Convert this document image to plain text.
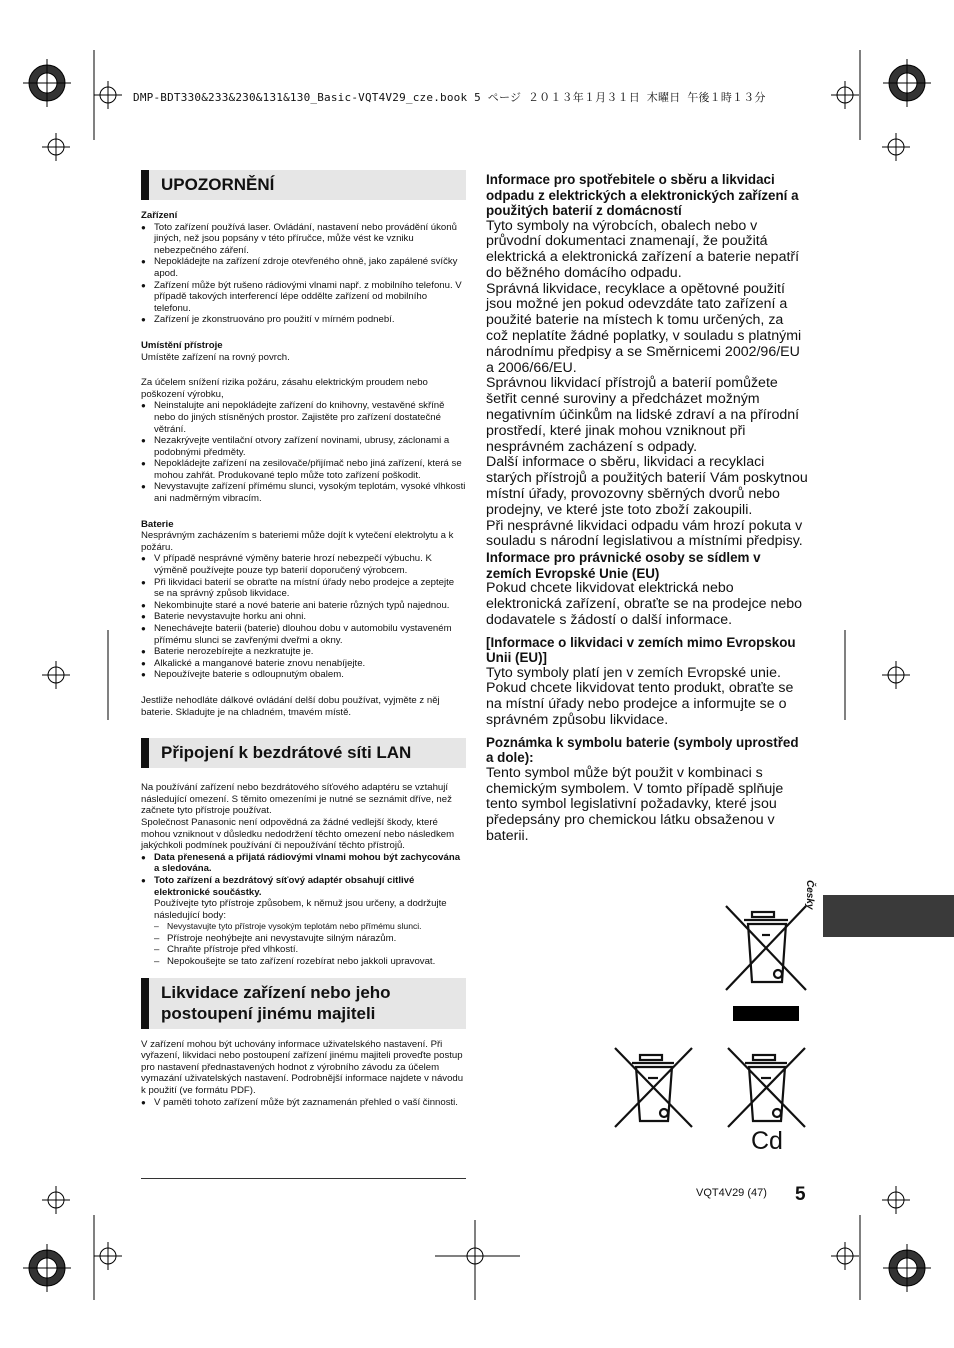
DMP-BDT330&233&230&131&130_Basic-VQT4V29_cze.book 5 ページ ２０１３年１月３１日 木曜日 午後１時１３分
UPOZORNĚNÍ
Zařízení
● Toto zařízení používá laser. Ovládání, nastavení nebo provádění úkonů jiných, než jsou popsány v této příručce, může vést ke vzniku nebezpečného záření.
● Nepokládejte na zařízení zdroje otevřeného ohně, jako zapálené svíčky apod.
● Zařízení může být rušeno rádiovými vlnami např. z mobilního telefonu. V případě takových interferencí lépe oddělte zařízení od mobilního telefonu.
● Zařízení je zkonstruováno pro použití v mírném podnebí.
Umístění přístroje

Umístěte zařízení na rovný povrch.

Za účelem snížení rizika požáru, zásahu elektrickým proudem nebo poškození výrobku,

● Neinstalujte ani nepokládejte zařízení do knihovny, vestavěné skříně nebo do jiných stísněných prostor. Zajistěte pro zařízení dostatečné větrání.
● Nezakrývejte ventilační otvory zařízení novinami, ubrusy, záclonami a podobnými předměty.
● Nepokládejte zařízení na zesilovače/přijímač nebo jiná zařízení, která se mohou zahřát. Produkované teplo může toto zařízení poškodit.
● Nevystavujte zařízení přímému slunci, vysokým teplotám, vysoké vlhkosti ani nadměrným vibracím.
Baterie

Nesprávným zacházením s bateriemi může dojít k vytečení elektrolytu a k požáru.

● V případě nesprávné výměny baterie hrozí nebezpečí výbuchu. K výměně používejte pouze typ baterií doporučený výrobcem.
● Při likvidaci baterií se obraťte na místní úřady nebo prodejce a zeptejte se na správný způsob likvidace.
● Nekombinujte staré a nové baterie ani baterie různých typů najednou.
● Baterie nevystavujte horku ani ohni.
● Nenechávejte baterii (baterie) dlouhou dobu v automobilu vystaveném přímému slunci se zavřenými dveřmi a okny.
● Baterie nerozebírejte a nezkratujte je.
● Alkalické a manganové baterie znovu nenabíjejte.
● Nepoužívejte baterie s odloupnutým obalem.

Jestliže nehodláte dálkové ovládání delší dobu používat, vyjměte z něj baterie. Skladujte je na chladném, tmavém místě.

Připojení k bezdrátové síti LAN

Na používání zařízení nebo bezdrátového síťového adaptéru se vztahují následující omezení. S těmito omezeními je nutné se seznámit dříve, než začnete tyto přístroje používat.

Společnost Panasonic není odpovědná za žádné vedlejší škody, které mohou vzniknout v důsledku nedodržení těchto omezení nebo následkem jakýchkoli podmínek používání či nepoužívání těchto přístrojů.

● Data přenesená a přijatá rádiovými vlnami mohou být zachycována a sledována.
● Toto zařízení a bezdrátový síťový adaptér obsahují citlivé elektronické součástky.
Používejte tyto přístroje způsobem, k němuž jsou určeny, a dodržujte následující body:
– Nevystavujte tyto přístroje vysokým teplotám nebo přímému slunci.
– Přístroje neohýbejte ani nevystavujte silným nárazům.
– Chraňte přístroje před vlhkostí.
– Nepokoušejte se tato zařízení rozebírat nebo jakkoli upravovat.
Likvidace zařízení nebo jeho postoupení jinému majiteli

V zařízení mohou být uchovány informace uživatelského nastavení. Při vyřazení, likvidaci nebo postoupení zařízení jinému majiteli proveďte postup pro nastavení přednastavených hodnot z výrobního závodu za účelem vymazání uživatelských nastavení. Podrobnější informace najdete v návodu k použití (ve formátu PDF).

● V paměti tohoto zařízení může být zaznamenán přehled o vaší činnosti.

Informace pro spotřebitele o sběru a likvidaci odpadu z elektrických a elektronických zařízení a použitých baterií z domácností

Tyto symboly na výrobcích, obalech nebo v průvodní dokumentaci znamenají, že použitá elektrická a elektronická zařízení a baterie nepatří do běžného domácího odpadu.

Správná likvidace, recyklace a opětovné použití jsou možné jen pokud odevzdáte tato zařízení a použité baterie na místech k tomu určených, za což neplatíte žádné poplatky, v souladu s platnými národnímu předpisy a se Směrnicemi 2002/96/EU a 2006/66/EU.

Správnou likvidací přístrojů a baterií pomůžete šetřit cenné suroviny a předcházet možným negativním účinkům na lidské zdraví a na přírodní prostředí, které jinak mohou vzniknout při nesprávném zacházení s odpady.

Další informace o sběru, likvidaci a recyklaci starých přístrojů a použitých baterií Vám poskytnou místní úřady, provozovny sběrných dvorů nebo prodejny, ve které jste toto zboží zakoupili.

Při nesprávné likvidaci odpadu vám hrozí pokuta v souladu s národní legislativou a místními předpisy.

Informace pro právnické osoby se sídlem v zemích Evropské Unie (EU)

Pokud chcete likvidovat elektrická nebo elektronická zařízení, obraťte se na prodejce nebo dodavatele s žádostí o další informace.

[Informace o likvidaci v zemích mimo Evropskou Unii (EU)]

Tyto symboly platí jen v zemích Evropské unie. Pokud chcete likvidovat tento produkt, obraťte se na místní úřady nebo prodejce a informujte se o správném způsobu likvidace.

Poznámka k symbolu baterie (symboly uprostřed a dole):

Tento symbol může být použit v kombinaci s chemickým symbolem. V tomto případě splňuje tento symbol legislativní požadavky, které jsou předepsány pro chemickou látku obsaženou v baterii.

Cd
Česky
VQT4V29 (47) 5
